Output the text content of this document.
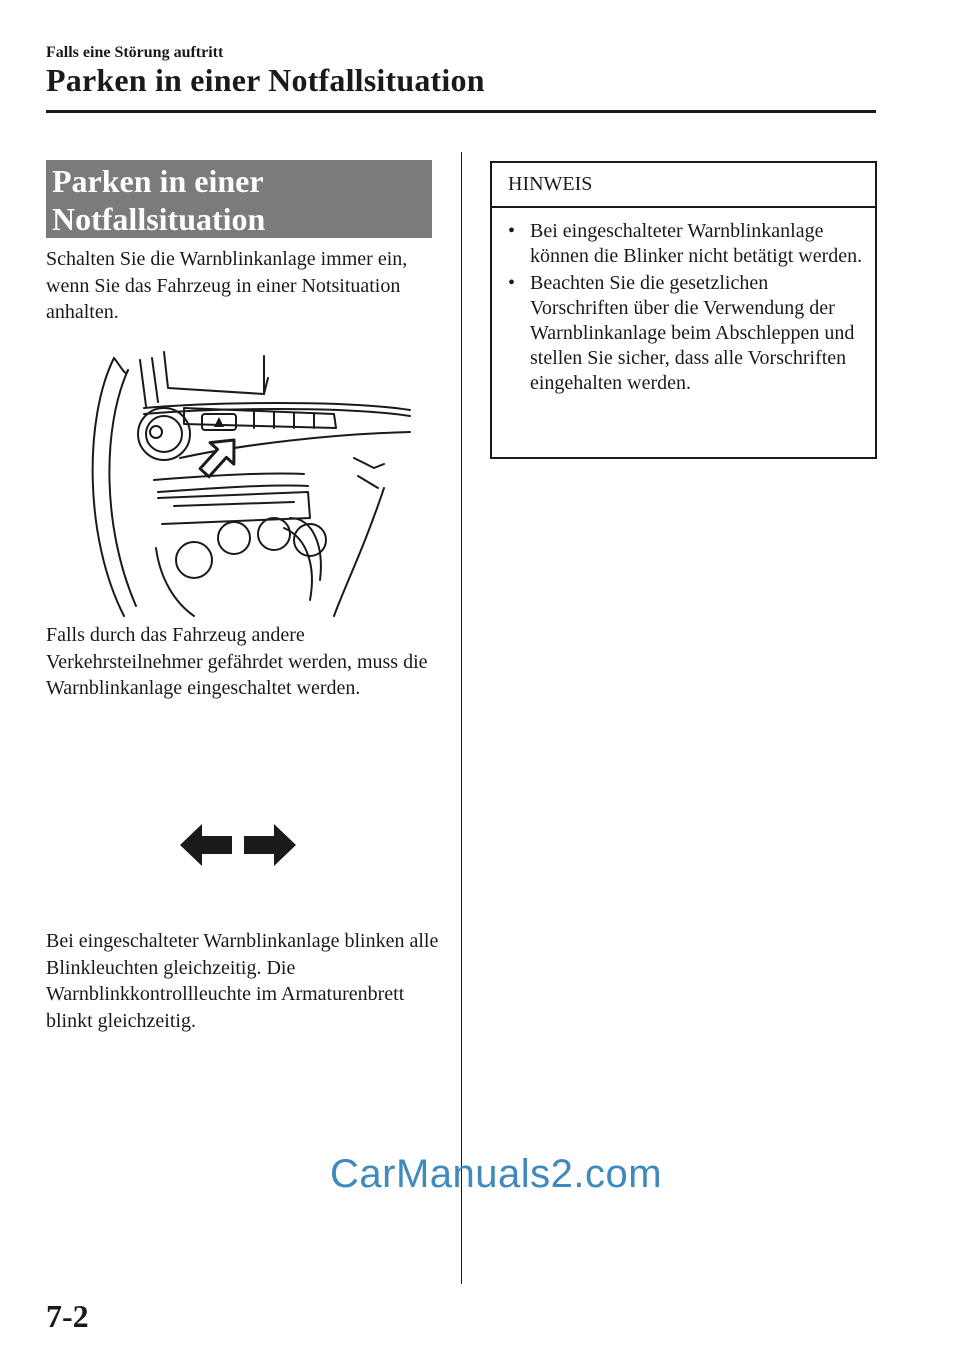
Falls eine Störung auftritt
Parken in einer Notfallsituation
Parken in einer
Notfallsituation

Schalten Sie die Warnblinkanlage immer ein, wenn Sie das Fahrzeug in einer Notsituation anhalten.

Falls durch das Fahrzeug andere Verkehrsteilnehmer gefährdet werden, muss die Warnblinkanlage eingeschaltet werden.

Bei eingeschalteter Warnblinkanlage blinken alle Blinkleuchten gleichzeitig. Die Warnblinkkontrollleuchte im Armaturenbrett blinkt gleichzeitig.

HINWEIS
• Bei eingeschalteter Warnblinkanlage können die Blinker nicht betätigt werden.
• Beachten Sie die gesetzlichen Vorschriften über die Verwendung der Warnblinkanlage beim Abschleppen und stellen Sie sicher, dass alle Vorschriften eingehalten werden.
CarManuals2.com
7-2
